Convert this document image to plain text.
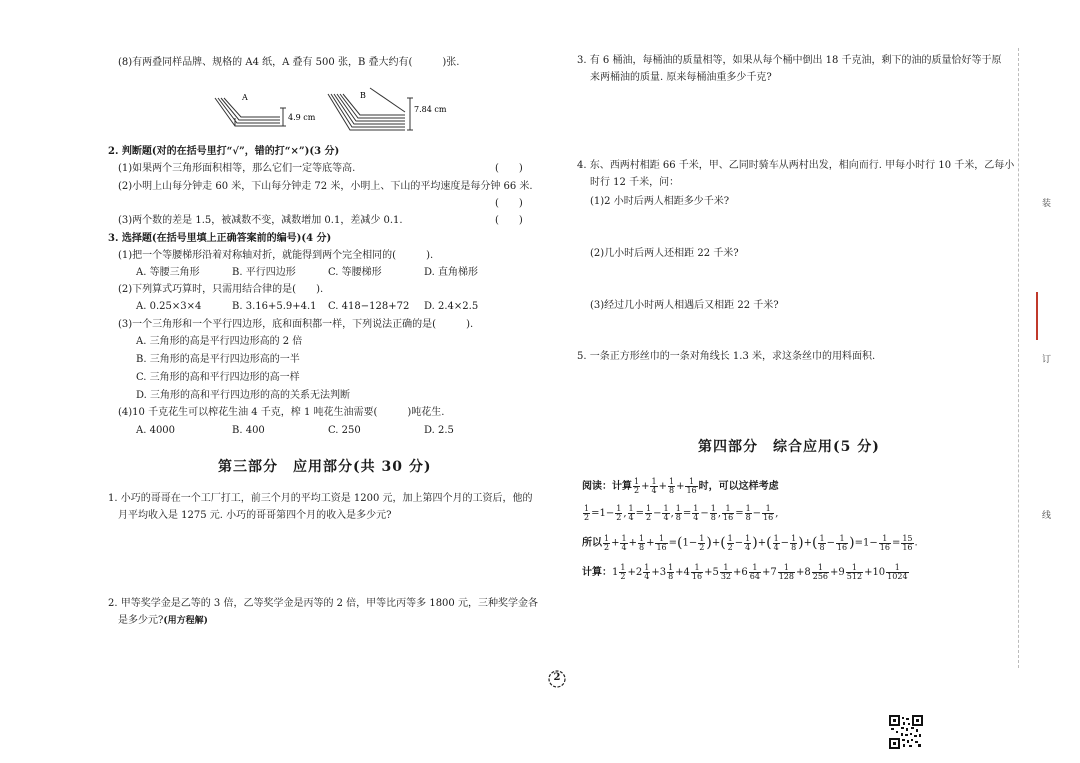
(8)有两叠同样品牌、规格的 A4 纸，A 叠有 500 张，B 叠大约有(　　　)张.
A
4.9 cm
B
7.84 cm
2. 判断题(对的在括号里打“√”，错的打“×”)(3 分)
(1)如果两个三角形面积相等，那么它们一定等底等高.	(　　)
(2)小明上山每分钟走 60 米，下山每分钟走 72 米，小明上、下山的平均速度是每分钟 66 米.
(　　)
(3)两个数的差是 1.5，被减数不变，减数增加 0.1，差减少 0.1.	(　　)
3. 选择题(在括号里填上正确答案前的编号)(4 分)
(1)把一个等腰梯形沿着对称轴对折，就能得到两个完全相同的(　　　).
A. 等腰三角形	B. 平行四边形	C. 等腰梯形	D. 直角梯形
(2)下列算式巧算时，只需用结合律的是(　　).
A. 0.25×3×4	B. 3.16+5.9+4.1 C. 418−128+72 D. 2.4×2.5
(3)一个三角形和一个平行四边形，底和面积都一样，下列说法正确的是(　　　).
A. 三角形的高是平行四边形高的 2 倍
B. 三角形的高是平行四边形高的一半
C. 三角形的高和平行四边形的高一样
D. 三角形的高和平行四边形的高的关系无法判断
(4)10 千克花生可以榨花生油 4 千克，榨 1 吨花生油需要(　　　)吨花生.
A. 4000	B. 400	C. 250	D. 2.5
第三部分　应用部分(共 30 分)
1. 小巧的哥哥在一个工厂打工，前三个月的平均工资是 1200 元，加上第四个月的工资后，他的
月平均收入是 1275 元. 小巧的哥哥第四个月的收入是多少元?
2. 甲等奖学金是乙等的 3 倍，乙等奖学金是丙等的 2 倍，甲等比丙等多 1800 元，三种奖学金各
是多少元?(用方程解)
3. 有 6 桶油，每桶油的质量相等，如果从每个桶中倒出 18 千克油，剩下的油的质量恰好等于原
来两桶油的质量. 原来每桶油重多少千克?
4. 东、西两村相距 66 千米，甲、乙同时骑车从两村出发，相向而行. 甲每小时行 10 千米，乙每小
时行 12 千米，问：
(1)2 小时后两人相距多少千米?
(2)几小时后两人还相距 22 千米?
(3)经过几小时两人相遇后又相距 22 千米?
5. 一条正方形丝巾的一条对角线长 1.3 米，求这条丝巾的用料面积.
第四部分　综合应用(5 分)
阅读：计算 $\frac{1}{2} + \frac{1}{4} + \frac{1}{8} + \frac{1}{16}$ 时，可以这样考虑
$\frac{1}{2} =1- \frac{1}{2}$ , $\frac{1}{4} = \frac{1}{2} - \frac{1}{4}$ , $\frac{1}{8} = \frac{1}{4} - \frac{1}{8}$ , $\frac{1}{16} = \frac{1}{8} - \frac{1}{16}$ ,
所以 $\frac{1}{2} + \frac{1}{4} + \frac{1}{8} + \frac{1}{16} =(1- \frac{1}{2}$ )+( $\frac{1}{2} - \frac{1}{4}$ )+( $\frac{1}{4} - \frac{1}{8}$ )+( $\frac{1}{8} - \frac{1}{16} )=1- \frac{1}{16} = \frac{15}{16}$ .
计算：$1 \frac{1}{2} +2 \frac{1}{4} +3 \frac{1}{8} +4 \frac{1}{16} +5 \frac{1}{32} +6 \frac{1}{64} +7 \frac{1}{128} +8 \frac{1}{256} +9 \frac{1}{512} +10 \frac{1}{1024}$
装
订
线
2
